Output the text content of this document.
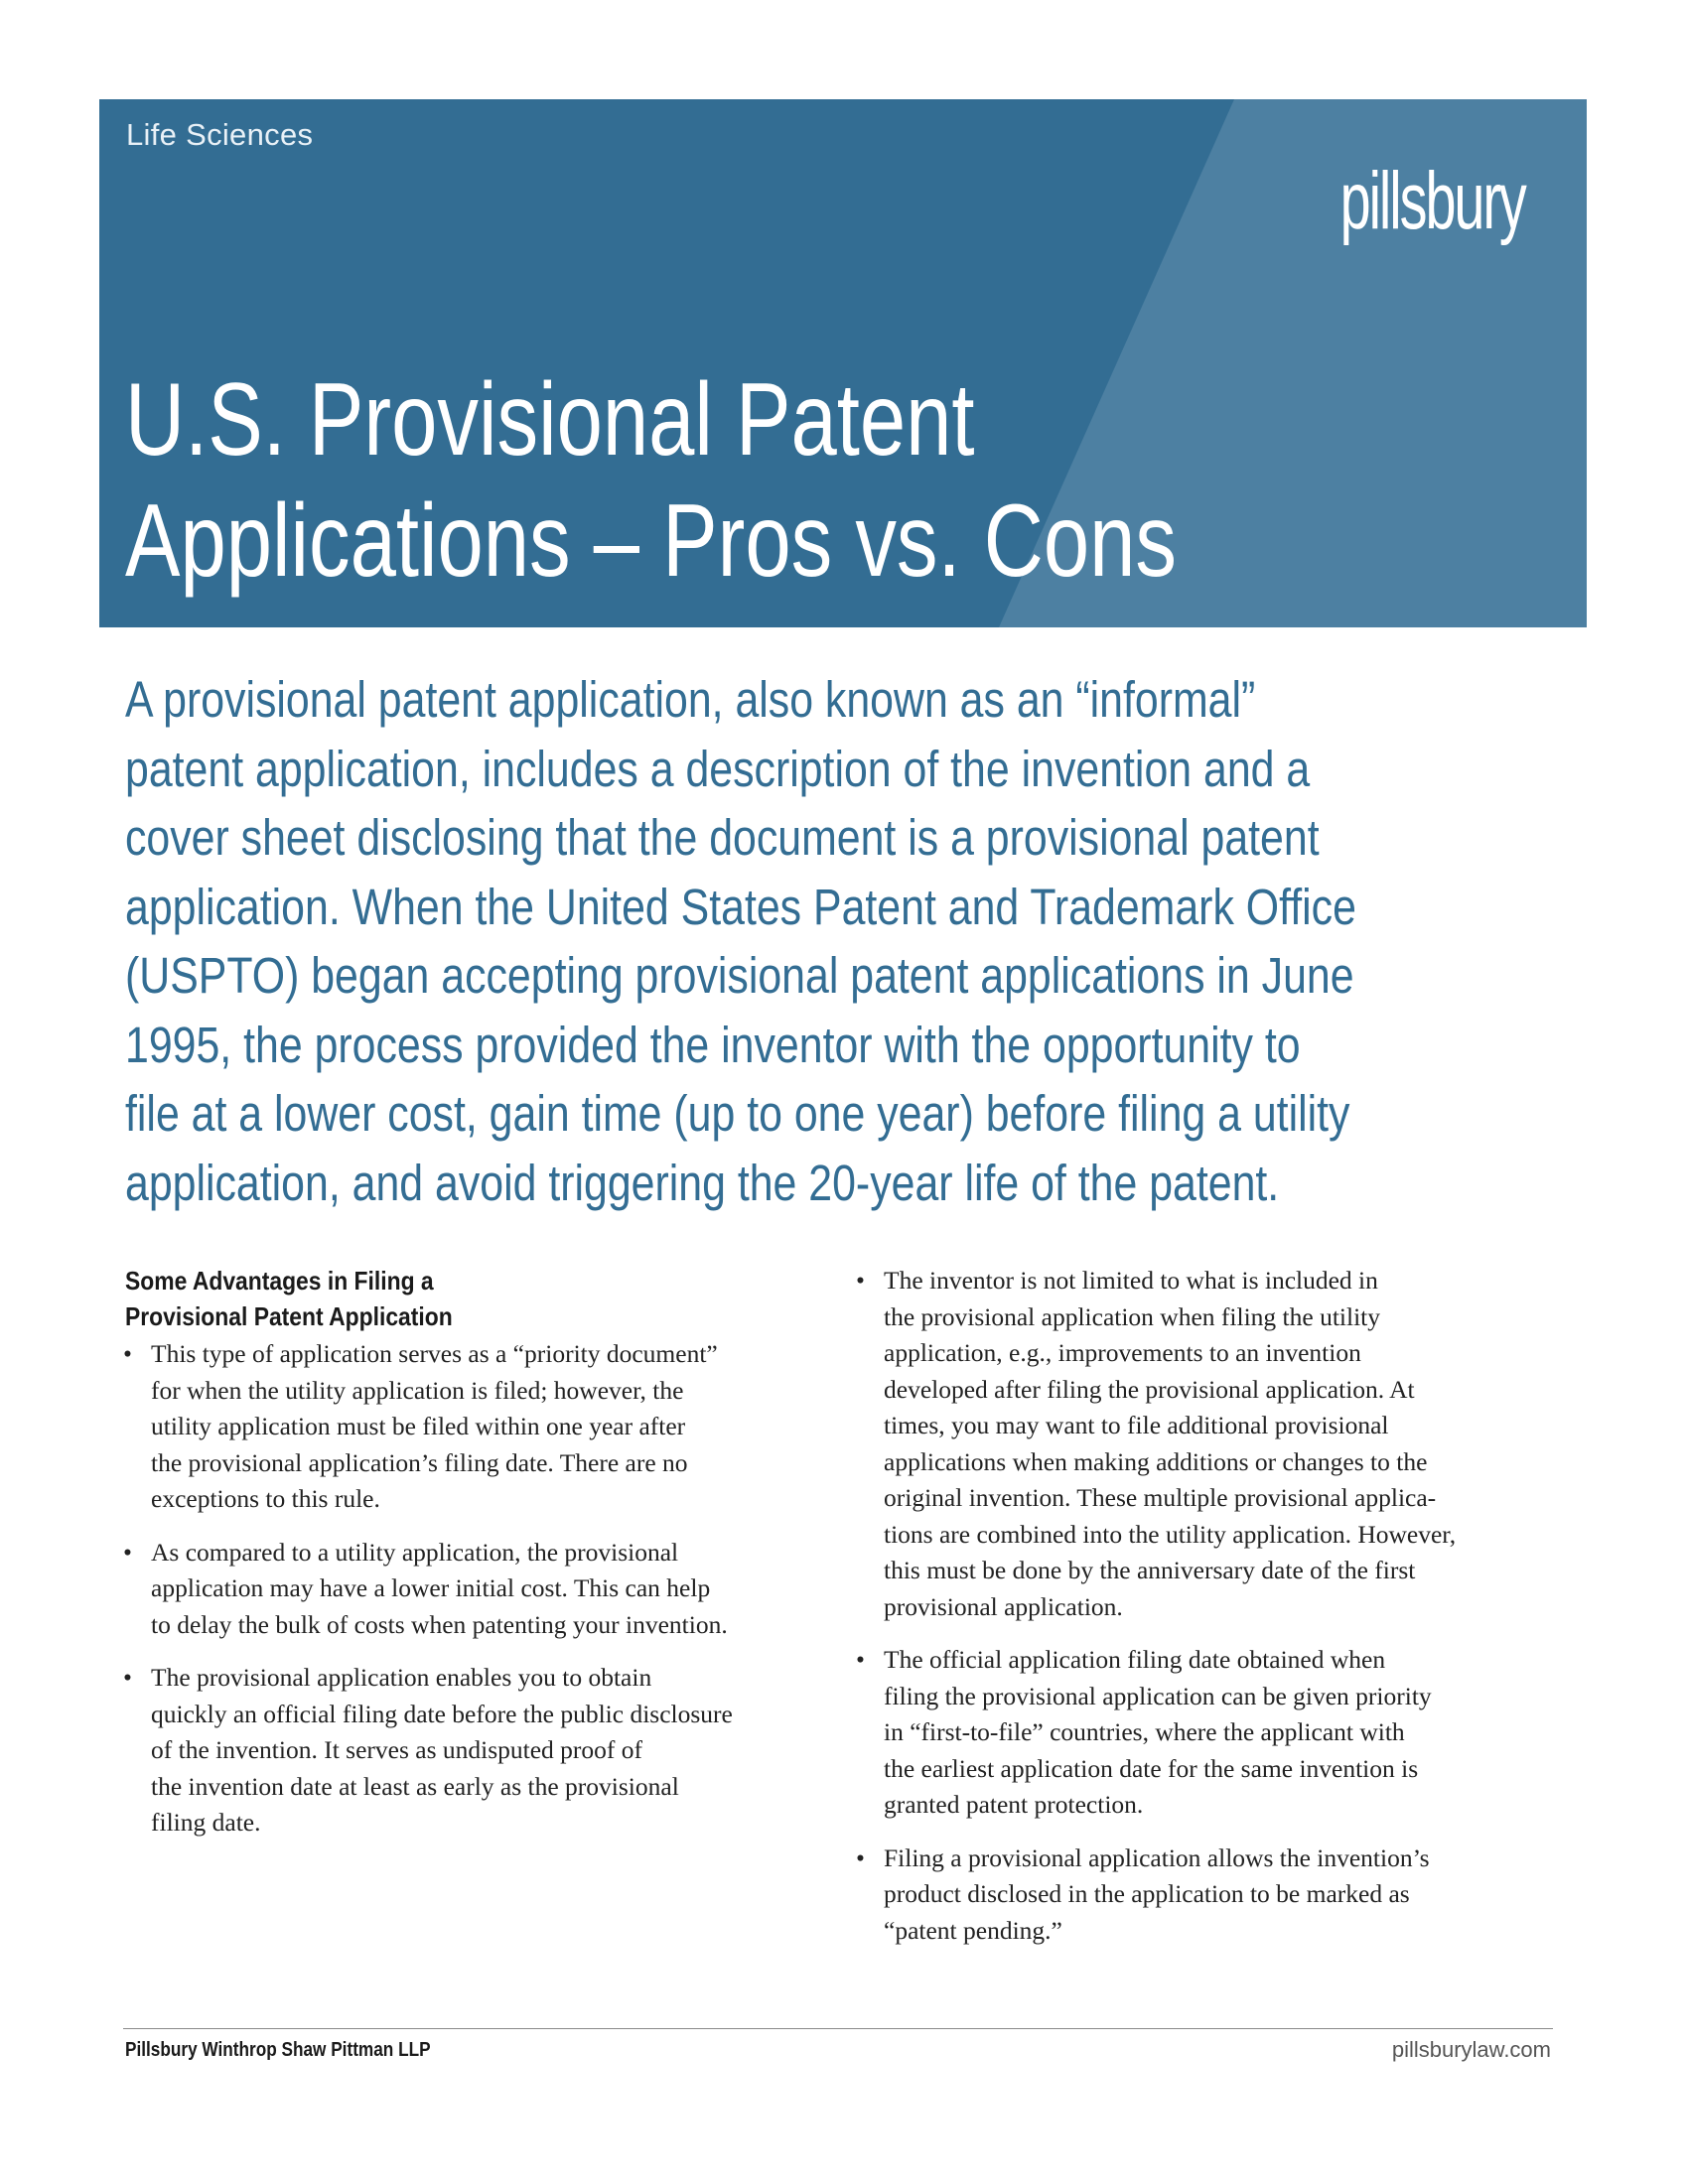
Life Sciences
pillsbury
U.S. Provisional Patent
Applications – Pros vs. Cons

A provisional patent application, also known as an “informal”
patent application, includes a description of the invention and a
cover sheet disclosing that the document is a provisional patent
application. When the United States Patent and Trademark Office
(USPTO) began accepting provisional patent applications in June
1995, the process provided the inventor with the opportunity to
file at a lower cost, gain time (up to one year) before filing a utility
application, and avoid triggering the 20-year life of the patent.

Some Advantages in Filing a
Provisional Patent Application
• This type of application serves as a “priority document”
for when the utility application is filed; however, the
utility application must be filed within one year after
the provisional application’s filing date. There are no
exceptions to this rule.
• As compared to a utility application, the provisional
application may have a lower initial cost. This can help
to delay the bulk of costs when patenting your invention.
• The provisional application enables you to obtain
quickly an official filing date before the public disclosure
of the invention. It serves as undisputed proof of
the invention date at least as early as the provisional
filing date.
• The inventor is not limited to what is included in
the provisional application when filing the utility
application, e.g., improvements to an invention
developed after filing the provisional application. At
times, you may want to file additional provisional
applications when making additions or changes to the
original invention. These multiple provisional applica-
tions are combined into the utility application. However,
this must be done by the anniversary date of the first
provisional application.
• The official application filing date obtained when
filing the provisional application can be given priority
in “first-to-file” countries, where the applicant with
the earliest application date for the same invention is
granted patent protection.
• Filing a provisional application allows the invention’s
product disclosed in the application to be marked as
“patent pending.”
Pillsbury Winthrop Shaw Pittman LLP	pillsburylaw.com
